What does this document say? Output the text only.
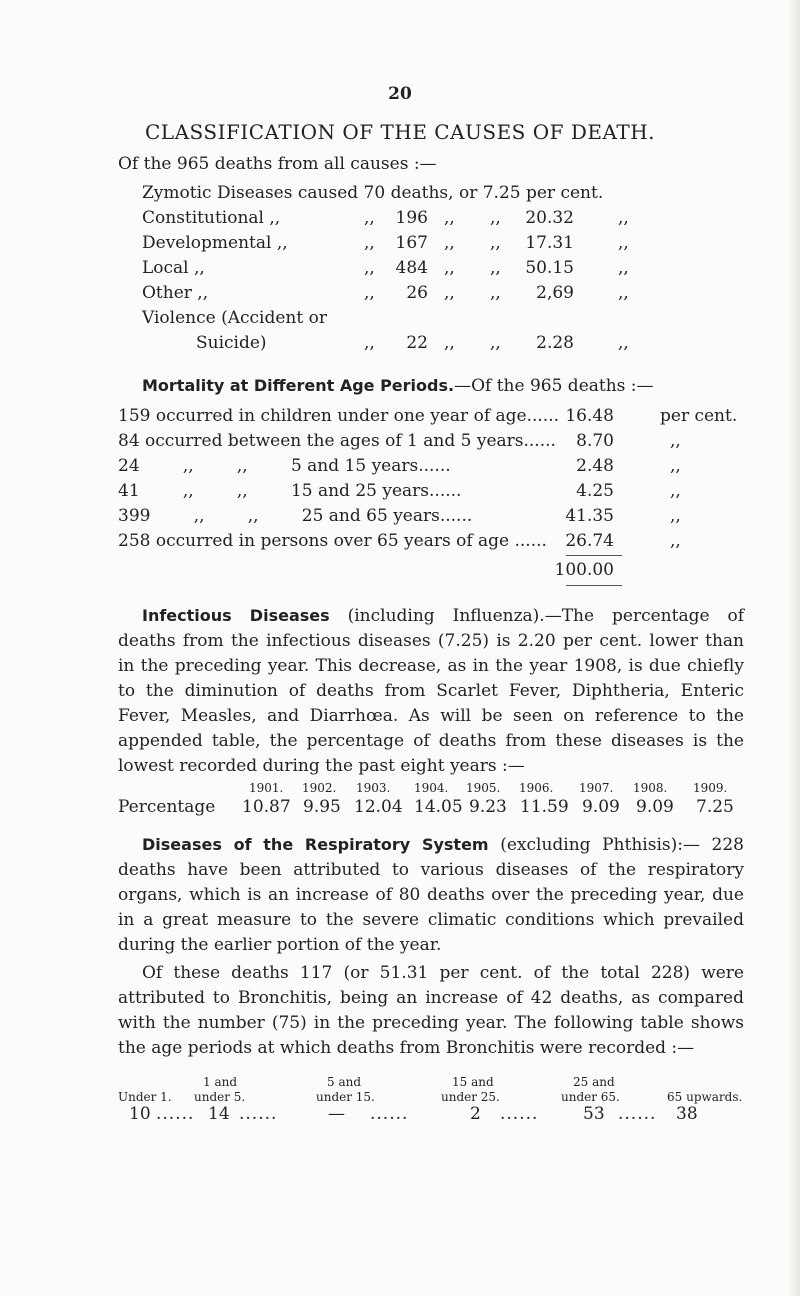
20
CLASSIFICATION OF THE CAUSES OF DEATH.
Of the 965 deaths from all causes :—
Zymotic Diseases caused 70 deaths, or 7.25 per cent.
Constitutional ,,	,,	196 ,, ,,	20.32	,,
Developmental ,,	,,	167 ,, ,,	17.31	,,
Local ,,	,,	484 ,, ,,	50.15	,,
Other ,,	,,	26 ,, ,,	2,69	,,
Violence (Accident or
Suicide)	,,	22 ,, ,,	2.28	,,
Mortality at Different Age Periods.—Of the 965 deaths :—
159 occurred in children under one year of age...... 16.48	per cent.
84 occurred between the ages of 1 and 5 years......	8.70	,,
24        ,,        ,,        5 and 15 years......	2.48	,,
41        ,,        ,,        15 and 25 years......	4.25	,,
399        ,,        ,,        25 and 65 years......	41.35	,,
258 occurred in persons over 65 years of age ......	26.74	,,
100.00
Infectious Diseases (including Influenza).—The percentage of deaths from the infectious diseases (7.25) is 2.20 per cent. lower than in the preceding year. This decrease, as in the year 1908, is due chiefly to the diminution of deaths from Scarlet Fever, Diphtheria, Enteric Fever, Measles, and Diarrhœa. As will be seen on reference to the appended table, the percentage of deaths from these diseases is the lowest recorded during the past eight years :—
1901. 1902. 1903. 1904. 1905. 1906. 1907. 1908. 1909.
Percentage 10.87 9.95 12.04 14.05 9.23 11.59 9.09 9.09 7.25
Diseases of the Respiratory System (excluding Phthisis):— 228 deaths have been attributed to various diseases of the respiratory organs, which is an increase of 80 deaths over the preceding year, due in a great measure to the severe climatic conditions which prevailed during the earlier portion of the year.
Of these deaths 117 (or 51.31 per cent. of the total 228) were attributed to Bronchitis, being an increase of 42 deaths, as compared with the number (75) in the preceding year. The following table shows the age periods at which deaths from Bronchitis were recorded :—
1 and	5 and	15 and	25 and
Under 1. under 5.	under 15.	under 25.	under 65.	65 upwards.
10 ...... 14 ......	— ......	2 ......	53 ...... 38
